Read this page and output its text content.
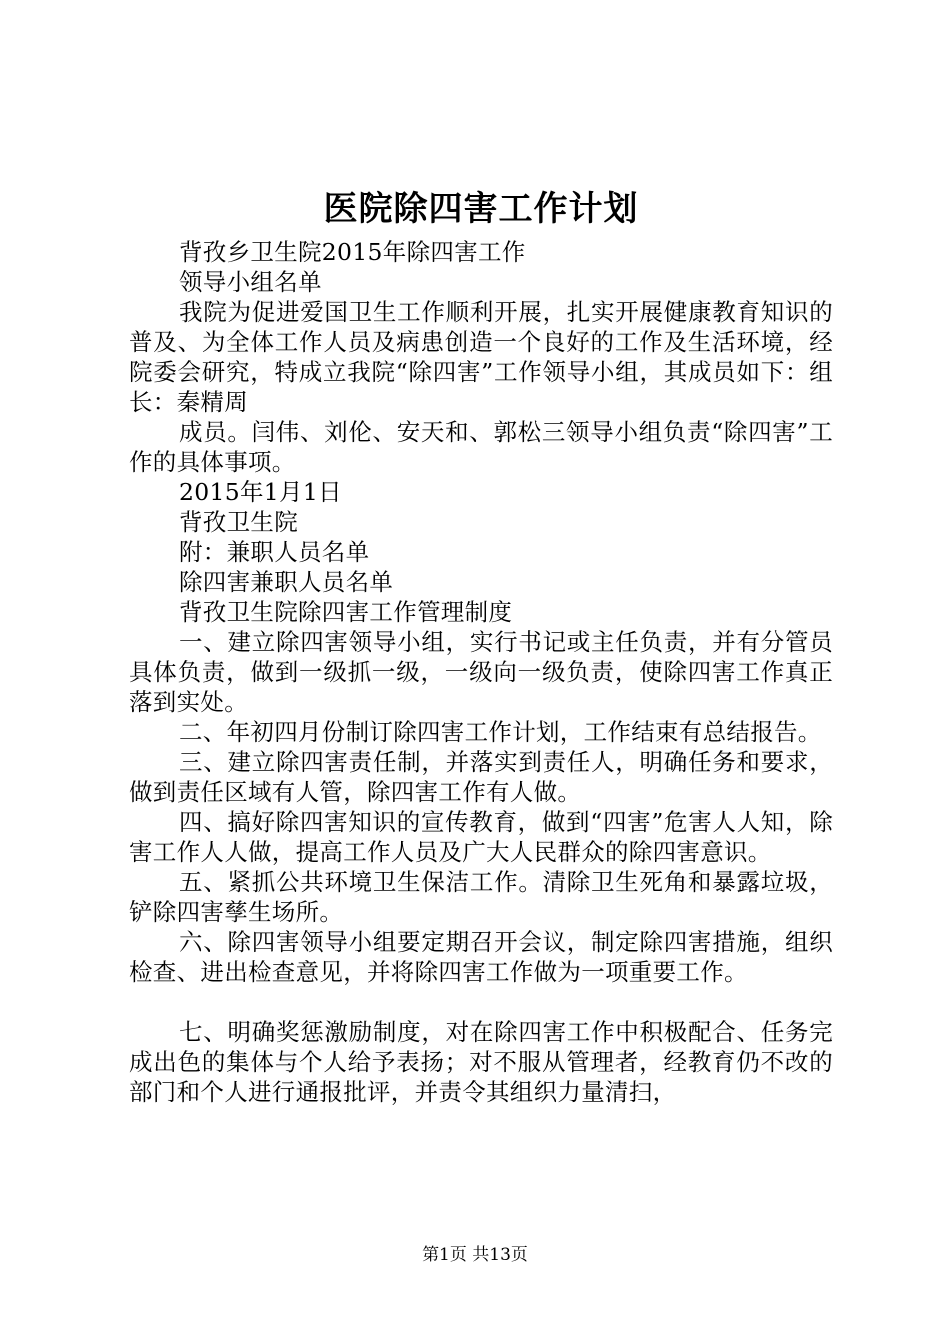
医院除四害工作计划

背孜乡卫生院2015年除四害工作

领导小组名单

我院为促进爱国卫生工作顺利开展，扎实开展健康教育知识的普及、为全体工作人员及病患创造一个良好的工作及生活环境，经院委会研究，特成立我院“除四害”工作领导小组，其成员如下：组长：秦精周

成员。闫伟、刘伦、安天和、郭松三领导小组负责“除四害”工作的具体事项。

2015年1月1日

背孜卫生院

附：兼职人员名单

除四害兼职人员名单

背孜卫生院除四害工作管理制度

一、建立除四害领导小组，实行书记或主任负责，并有分管员具体负责，做到一级抓一级，一级向一级负责，使除四害工作真正落到实处。

二、年初四月份制订除四害工作计划，工作结束有总结报告。

三、建立除四害责任制，并落实到责任人，明确任务和要求，做到责任区域有人管，除四害工作有人做。

四、搞好除四害知识的宣传教育，做到“四害”危害人人知，除害工作人人做，提高工作人员及广大人民群众的除四害意识。

五、紧抓公共环境卫生保洁工作。清除卫生死角和暴露垃圾，铲除四害孳生场所。

六、除四害领导小组要定期召开会议，制定除四害措施，组织检查、进出检查意见，并将除四害工作做为一项重要工作。

七、明确奖惩激励制度，对在除四害工作中积极配合、任务完成出色的集体与个人给予表扬；对不服从管理者，经教育仍不改的部门和个人进行通报批评，并责令其组织力量清扫，

第1页 共13页
